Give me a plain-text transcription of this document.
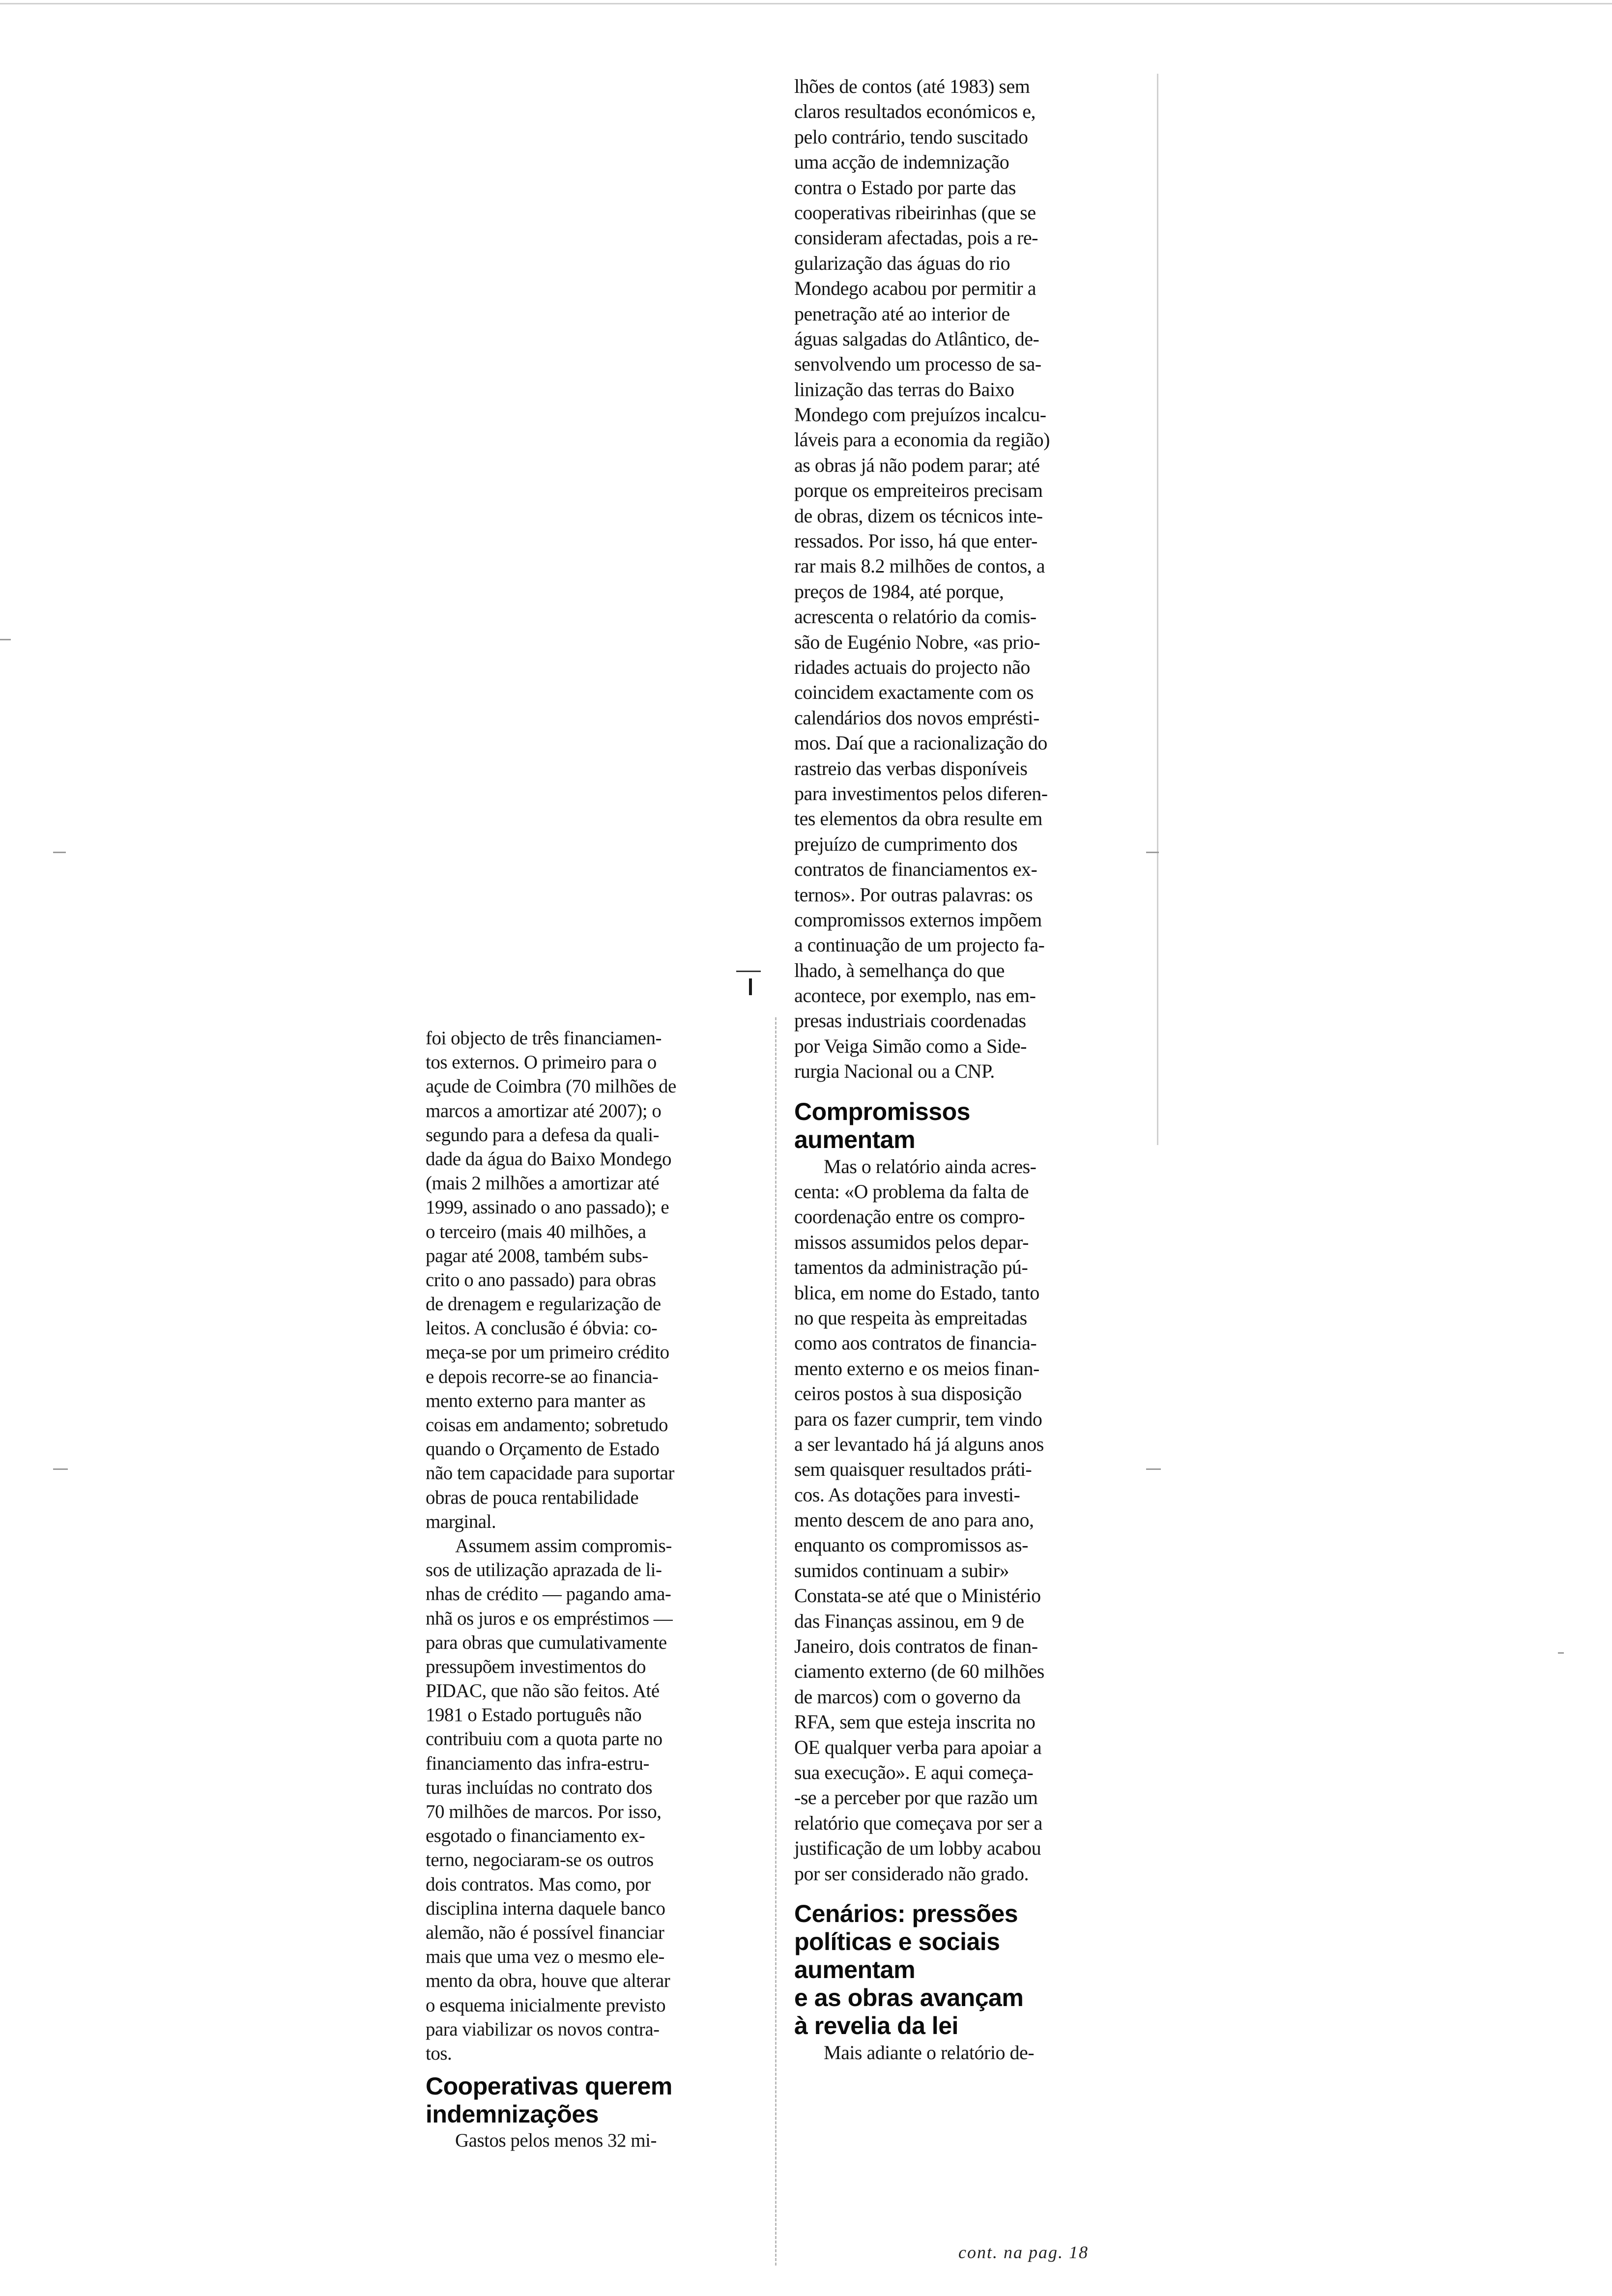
foi objecto de três financiamen-
tos externos. O primeiro para o
açude de Coimbra (70 milhões de
marcos a amortizar até 2007); o
segundo para a defesa da quali-
dade da água do Baixo Mondego
(mais 2 milhões a amortizar até
1999, assinado o ano passado); e
o terceiro (mais 40 milhões, a
pagar até 2008, também subs-
crito o ano passado) para obras
de drenagem e regularização de
leitos. A conclusão é óbvia: co-
meça-se por um primeiro crédito
e depois recorre-se ao financia-
mento externo para manter as
coisas em andamento; sobretudo
quando o Orçamento de Estado
não tem capacidade para suportar
obras de pouca rentabilidade
marginal.
Assumem assim compromis-
sos de utilização aprazada de li-
nhas de crédito — pagando ama-
nhã os juros e os empréstimos —
para obras que cumulativamente
pressupõem investimentos do
PIDAC, que não são feitos. Até
1981 o Estado português não
contribuiu com a quota parte no
financiamento das infra-estru-
turas incluídas no contrato dos
70 milhões de marcos. Por isso,
esgotado o financiamento ex-
terno, negociaram-se os outros
dois contratos. Mas como, por
disciplina interna daquele banco
alemão, não é possível financiar
mais que uma vez o mesmo ele-
mento da obra, houve que alterar
o esquema inicialmente previsto
para viabilizar os novos contra-
tos.
Cooperativas querem
indemnizações
Gastos pelos menos 32 mi-
lhões de contos (até 1983) sem
claros resultados económicos e,
pelo contrário, tendo suscitado
uma acção de indemnização
contra o Estado por parte das
cooperativas ribeirinhas (que se
consideram afectadas, pois a re-
gularização das águas do rio
Mondego acabou por permitir a
penetração até ao interior de
águas salgadas do Atlântico, de-
senvolvendo um processo de sa-
linização das terras do Baixo
Mondego com prejuízos incalcu-
láveis para a economia da região)
as obras já não podem parar; até
porque os empreiteiros precisam
de obras, dizem os técnicos inte-
ressados. Por isso, há que enter-
rar mais 8.2 milhões de contos, a
preços de 1984, até porque,
acrescenta o relatório da comis-
são de Eugénio Nobre, «as prio-
ridades actuais do projecto não
coincidem exactamente com os
calendários dos novos emprésti-
mos. Daí que a racionalização do
rastreio das verbas disponíveis
para investimentos pelos diferen-
tes elementos da obra resulte em
prejuízo de cumprimento dos
contratos de financiamentos ex-
ternos». Por outras palavras: os
compromissos externos impõem
a continuação de um projecto fa-
lhado, à semelhança do que
acontece, por exemplo, nas em-
presas industriais coordenadas
por Veiga Simão como a Side-
rurgia Nacional ou a CNP.
Compromissos
aumentam
Mas o relatório ainda acres-
centa: «O problema da falta de
coordenação entre os compro-
missos assumidos pelos depar-
tamentos da administração pú-
blica, em nome do Estado, tanto
no que respeita às empreitadas
como aos contratos de financia-
mento externo e os meios finan-
ceiros postos à sua disposição
para os fazer cumprir, tem vindo
a ser levantado há já alguns anos
sem quaisquer resultados práti-
cos. As dotações para investi-
mento descem de ano para ano,
enquanto os compromissos as-
sumidos continuam a subir»
Constata-se até que o Ministério
das Finanças assinou, em 9 de
Janeiro, dois contratos de finan-
ciamento externo (de 60 milhões
de marcos) com o governo da
RFA, sem que esteja inscrita no
OE qualquer verba para apoiar a
sua execução». E aqui começa-
-se a perceber por que razão um
relatório que começava por ser a
justificação de um lobby acabou
por ser considerado não grado.
Cenários: pressões
políticas e sociais
aumentam
e as obras avançam
à revelia da lei
Mais adiante o relatório de-
cont. na pag. 18
